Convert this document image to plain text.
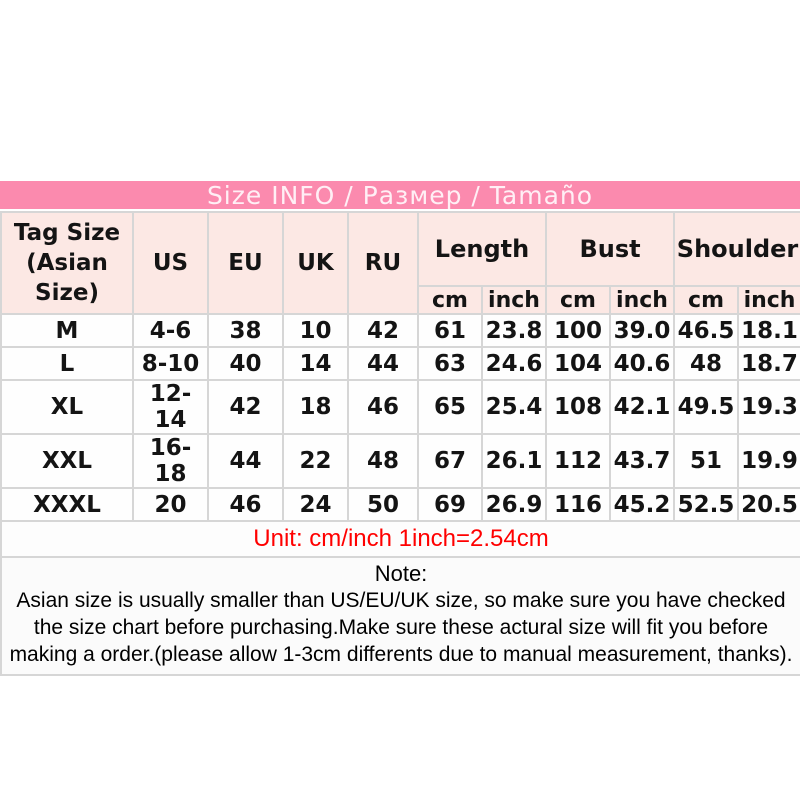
Size INFO / Размер / Tamaño
Tag Size (Asian Size)	US	EU	UK	RU	Length		Bust		Shoulder	
					cm	inch	cm	inch	cm	inch
M	4-6	38	10	42	61	23.8	100	39.0	46.5	18.1
L	8-10	40	14	44	63	24.6	104	40.6	48	18.7
XL	12-14	42	18	46	65	25.4	108	42.1	49.5	19.3
XXL	16-18	44	22	48	67	26.1	112	43.7	51	19.9
XXXL	20	46	24	50	69	26.9	116	45.2	52.5	20.5
Unit: cm/inch 1inch=2.54cm										

Note:
Asian size is usually smaller than US/EU/UK size, so make sure you have checked the size chart before purchasing.Make sure these actural size will fit you before making a order.(please allow 1-3cm differents due to manual measurement, thanks).										
